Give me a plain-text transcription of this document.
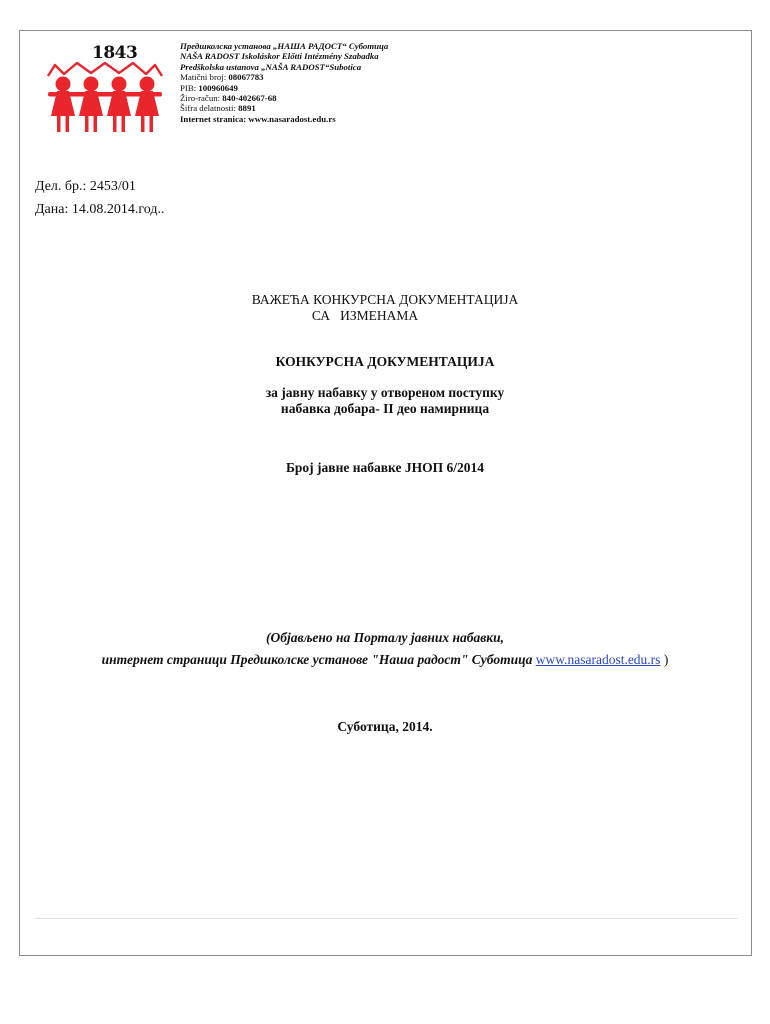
1843	Предшколска установа „НАША РАДОСТ“ Суботица
NAŠA RADOST Iskoláskor Előtti Intézmény Szabadka
Predškolska ustanova „NAŠA RADOST“Subotica
Matični broj: 08067783
PIB: 100960649
Žiro-račun: 840-402667-68
Šifra delatnosti: 8891
Internet stranica: www.nasaradost.edu.rs
Дел. бр.: 2453/01
Дана: 14.08.2014.год..
ВАЖЕЋА КОНКУРСНА ДОКУМЕНТАЦИЈА
СА   ИЗМЕНАМА
КОНКУРСНА ДОКУМЕНТАЦИЈА
за јавну набавку у отвореном поступку
набавка добара- II део намирница
Број јавне набавке ЈНОП 6/2014
(Објављено на Порталу јавних набавки,
интернет страници Предшколске установе "Наша радост" Суботица www.nasaradost.edu.rs )
Суботица, 2014.
